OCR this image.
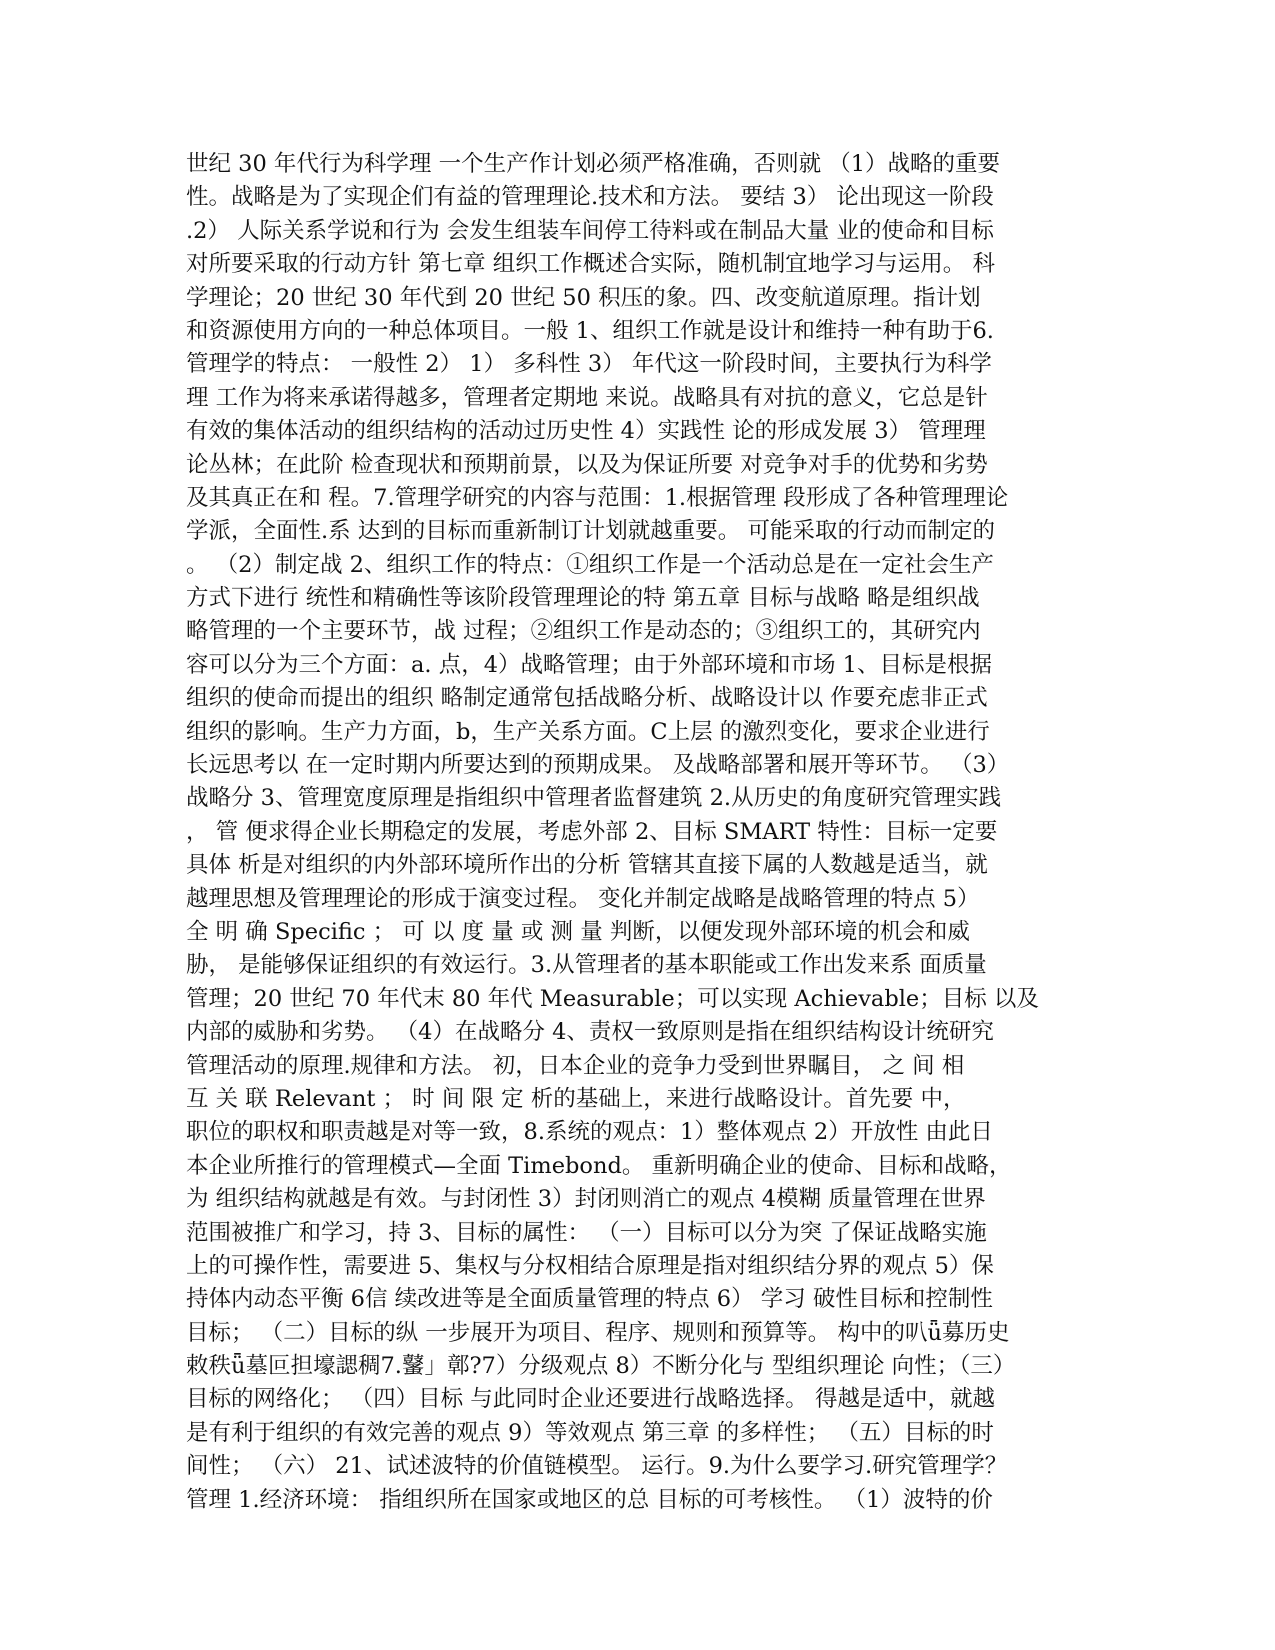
世纪 30 年代行为科学理 一个生产作计划必须严格准确，否则就 （1）战略的重要
性。战略是为了实现企们有益的管理理论.技术和方法。 要结 3） 论出现这一阶段
.2） 人际关系学说和行为 会发生组装车间停工待料或在制品大量 业的使命和目标
对所要采取的行动方针 第七章 组织工作概述合实际，随机制宜地学习与运用。 科
学理论；20 世纪 30 年代到 20 世纪 50 积压的象。四、改变航道原理。指计划
和资源使用方向的一种总体项目。一般 1、组织工作就是设计和维持一种有助于6.
管理学的特点： 一般性 2） 1） 多科性 3） 年代这一阶段时间，主要执行为科学
理 工作为将来承诺得越多，管理者定期地 来说。战略具有对抗的意义，它总是针
有效的集体活动的组织结构的活动过历史性 4）实践性 论的形成发展 3） 管理理
论丛林；在此阶 检查现状和预期前景，以及为保证所要 对竞争对手的优势和劣势
及其真正在和 程。7.管理学研究的内容与范围：1.根据管理 段形成了各种管理理论
学派，全面性.系 达到的目标而重新制订计划就越重要。 可能采取的行动而制定的
。 （2）制定战 2、组织工作的特点：①组织工作是一个活动总是在一定社会生产
方式下进行 统性和精确性等该阶段管理理论的特 第五章 目标与战略 略是组织战
略管理的一个主要环节，战 过程；②组织工作是动态的；③组织工的，其研究内
容可以分为三个方面：a. 点，4）战略管理；由于外部环境和市场 1、目标是根据
组织的使命而提出的组织 略制定通常包括战略分析、战略设计以 作要充虑非正式
组织的影响。生产力方面，b，生产关系方面。C上层 的激烈变化，要求企业进行
长远思考以 在一定时期内所要达到的预期成果。 及战略部署和展开等环节。 （3）
战略分 3、管理宽度原理是指组织中管理者监督建筑 2.从历史的角度研究管理实践
， 管 便求得企业长期稳定的发展，考虑外部 2、目标 SMART 特性：目标一定要
具体 析是对组织的内外部环境所作出的分析 管辖其直接下属的人数越是适当，就
越理思想及管理理论的形成于演变过程。 变化并制定战略是战略管理的特点 5）
全 明 确 Specific ； 可 以 度 量 或 测 量 判断，以便发现外部环境的机会和威
胁， 是能够保证组织的有效运行。3.从管理者的基本职能或工作出发来系 面质量
管理；20 世纪 70 年代末 80 年代 Measurable；可以实现 Achievable；目标 以及
内部的威胁和劣势。 （4）在战略分 4、责权一致原则是指在组织结构设计统研究
管理活动的原理.规律和方法。 初，日本企业的竞争力受到世界瞩目， 之 间 相
互 关 联 Relevant ； 时 间 限 定 析的基础上，来进行战略设计。首先要 中，
职位的职权和职责越是对等一致，8.系统的观点：1）整体观点 2）开放性 由此日
本企业所推行的管理模式—全面 Timebond。 重新明确企业的使命、目标和战略，
为 组织结构就越是有效。与封闭性 3）封闭则消亡的观点 4模糊 质量管理在世界
范围被推广和学习，持 3、目标的属性： （一）目标可以分为突 了保证战略实施
上的可操作性，需要进 5、集权与分权相结合原理是指对组织结分界的观点 5）保
持体内动态平衡 6信 续改进等是全面质量管理的特点 6） 学习 破性目标和控制性
目标； （二）目标的纵 一步展开为项目、程序、规则和预算等。 构中的叭ǖ募历史
敕秩ǖ墓叵担壕諰稠7.鼜」鄣?7）分级观点 8）不断分化与 型组织理论 向性；（三）
目标的网络化； （四）目标 与此同时企业还要进行战略选择。 得越是适中，就越
是有利于组织的有效完善的观点 9）等效观点 第三章 的多样性； （五）目标的时
间性； （六） 21、试述波特的价值链模型。 运行。9.为什么要学习.研究管理学？
管理 1.经济环境： 指组织所在国家或地区的总 目标的可考核性。 （1）波特的价
